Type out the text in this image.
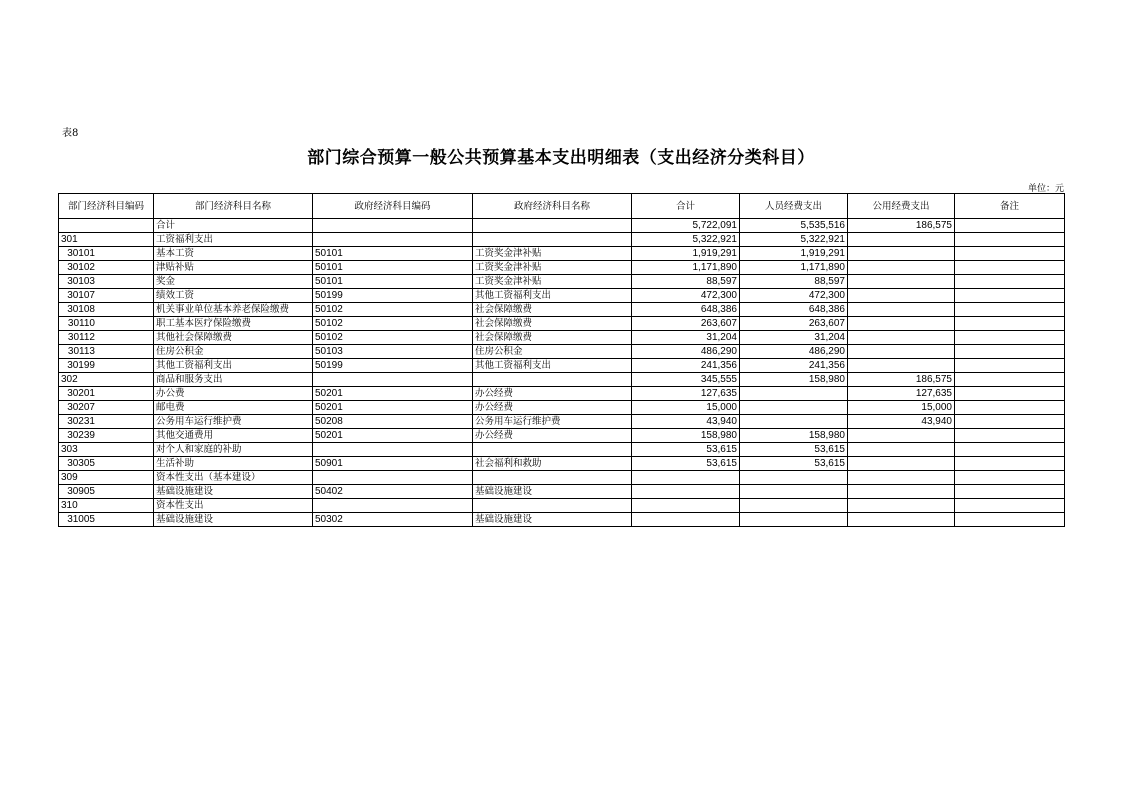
表8
部门综合预算一般公共预算基本支出明细表（支出经济分类科目）
单位：元
部门经济科目编码	部门经济科目名称	政府经济科目编码	政府经济科目名称	合计	人员经费支出	公用经费支出	备注
	合计			5,722,091	5,535,516	186,575	
301	工资福利支出			5,322,921	5,322,921		
30101	基本工资	50101	工资奖金津补贴	1,919,291	1,919,291		
30102	津贴补贴	50101	工资奖金津补贴	1,171,890	1,171,890		
30103	奖金	50101	工资奖金津补贴	88,597	88,597		
30107	绩效工资	50199	其他工资福利支出	472,300	472,300		
30108	机关事业单位基本养老保险缴费	50102	社会保障缴费	648,386	648,386		
30110	职工基本医疗保险缴费	50102	社会保障缴费	263,607	263,607		
30112	其他社会保障缴费	50102	社会保障缴费	31,204	31,204		
30113	住房公积金	50103	住房公积金	486,290	486,290		
30199	其他工资福利支出	50199	其他工资福利支出	241,356	241,356		
302	商品和服务支出			345,555	158,980	186,575	
30201	办公费	50201	办公经费	127,635		127,635	
30207	邮电费	50201	办公经费	15,000		15,000	
30231	公务用车运行维护费	50208	公务用车运行维护费	43,940		43,940	
30239	其他交通费用	50201	办公经费	158,980	158,980		
303	对个人和家庭的补助			53,615	53,615		
30305	生活补助	50901	社会福利和救助	53,615	53,615		
309	资本性支出（基本建设）						
30905	基础设施建设	50402	基础设施建设				
310	资本性支出						
31005	基础设施建设	50302	基础设施建设				
